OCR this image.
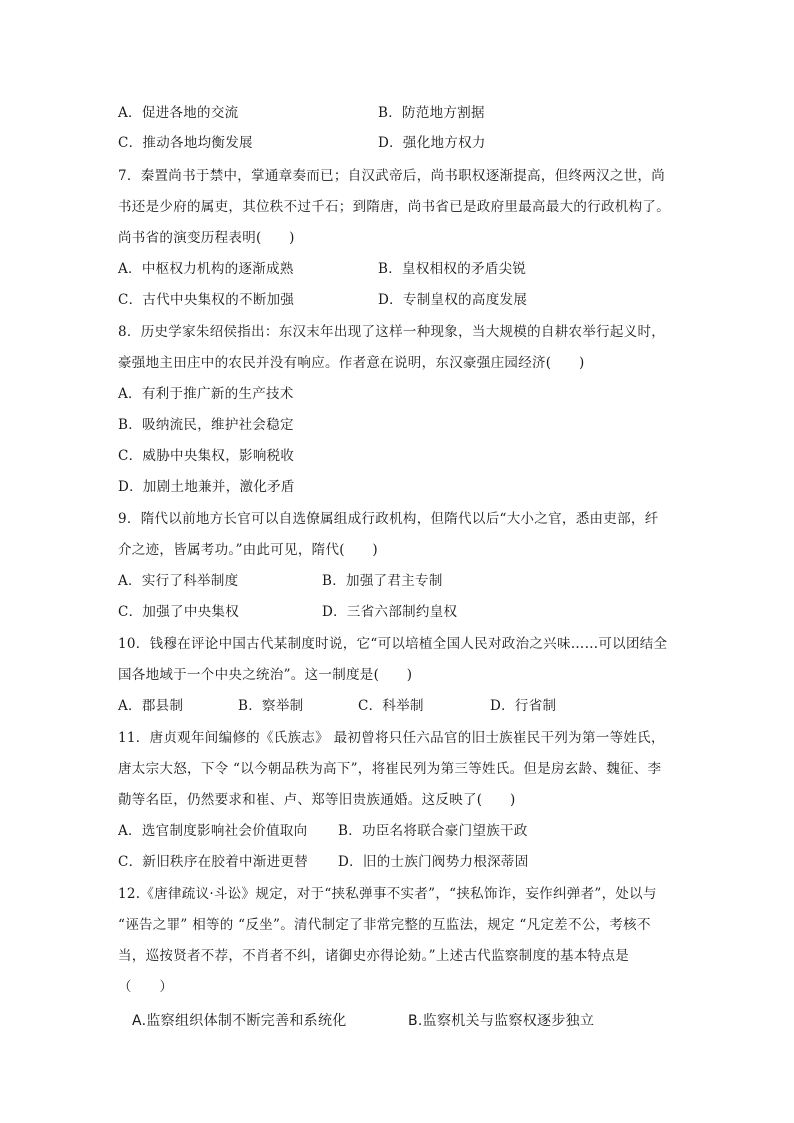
A．促进各地的交流	B．防范地方割据
C．推动各地均衡发展	D．强化地方权力
7．秦置尚书于禁中，掌通章奏而已；自汉武帝后，尚书职权逐渐提高，但终两汉之世，尚
书还是少府的属吏，其位秩不过千石；到隋唐，尚书省已是政府里最高最大的行政机构了。
尚书省的演变历程表明(　　)
A．中枢权力机构的逐渐成熟	B．皇权相权的矛盾尖锐
C．古代中央集权的不断加强	D．专制皇权的高度发展
8．历史学家朱绍侯指出：东汉末年出现了这样一种现象，当大规模的自耕农举行起义时，
豪强地主田庄中的农民并没有响应。作者意在说明，东汉豪强庄园经济(　　)
A．有利于推广新的生产技术
B．吸纳流民，维护社会稳定
C．威胁中央集权，影响税收
D．加剧土地兼并，激化矛盾
9．隋代以前地方长官可以自选僚属组成行政机构，但隋代以后“大小之官，悉由吏部，纤
介之迹，皆属考功。”由此可见，隋代(　　)
A．实行了科举制度	B．加强了君主专制
C．加强了中央集权	D．三省六部制约皇权
10．钱穆在评论中国古代某制度时说，它“可以培植全国人民对政治之兴味……可以团结全
国各地域于一个中央之统治”。这一制度是(　　)
A．郡县制	B．察举制	C．科举制	D．行省制
11．唐贞观年间编修的《氏族志》 最初曾将只任六品官的旧士族崔民干列为第一等姓氏，
唐太宗大怒，下令 “以今朝品秩为高下”，将崔民列为第三等姓氏。但是房玄龄、魏征、李
勣等名臣，仍然要求和崔、卢、郑等旧贵族通婚。这反映了(　　)
A．选官制度影响社会价值取向 B．功臣名将联合豪门望族干政
C．新旧秩序在胶着中渐进更替 D．旧的士族门阀势力根深蒂固
12.《唐律疏议·斗讼》规定，对于“挟私弹事不实者”，“挟私饰诈，妄作纠弹者”，处以与
“诬告之罪” 相等的 “反坐”。清代制定了非常完整的互监法，规定 “凡定差不公，考核不
当，巡按贤者不荐，不肖者不纠，诸御史亦得论劾。”上述古代监察制度的基本特点是
（　　）
A.监察组织体制不断完善和系统化	B.监察机关与监察权逐步独立
